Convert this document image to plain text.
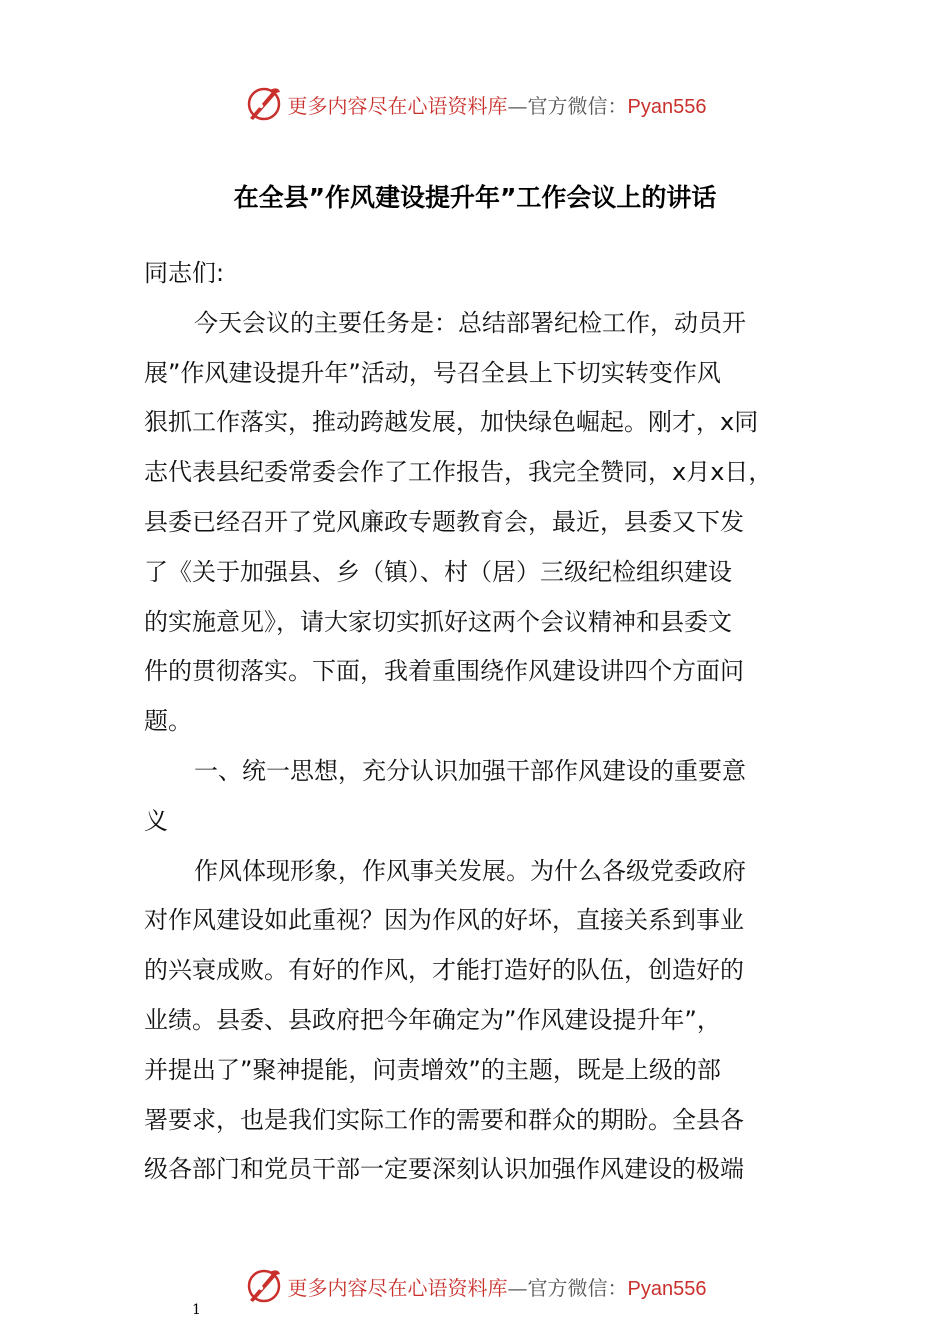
更多内容尽在心语资料库—官方微信：Pyan556
在全县”作风建设提升年”工作会议上的讲话
同志们:
今天会议的主要任务是：总结部署纪检工作，动员开
展”作风建设提升年”活动，号召全县上下切实转变作风
狠抓工作落实，推动跨越发展，加快绿色崛起。刚才，x同
志代表县纪委常委会作了工作报告，我完全赞同，x月x日，
县委已经召开了党风廉政专题教育会，最近，县委又下发
了《关于加强县、乡（镇）、村（居）三级纪检组织建设
的实施意见》，请大家切实抓好这两个会议精神和县委文
件的贯彻落实。下面，我着重围绕作风建设讲四个方面问
题。
一、统一思想，充分认识加强干部作风建设的重要意
义
作风体现形象，作风事关发展。为什么各级党委政府
对作风建设如此重视？因为作风的好坏，直接关系到事业
的兴衰成败。有好的作风，才能打造好的队伍，创造好的
业绩。县委、县政府把今年确定为”作风建设提升年”，
并提出了”聚神提能，问责增效”的主题，既是上级的部
署要求，也是我们实际工作的需要和群众的期盼。全县各
级各部门和党员干部一定要深刻认识加强作风建设的极端
更多内容尽在心语资料库—官方微信：Pyan556
1
